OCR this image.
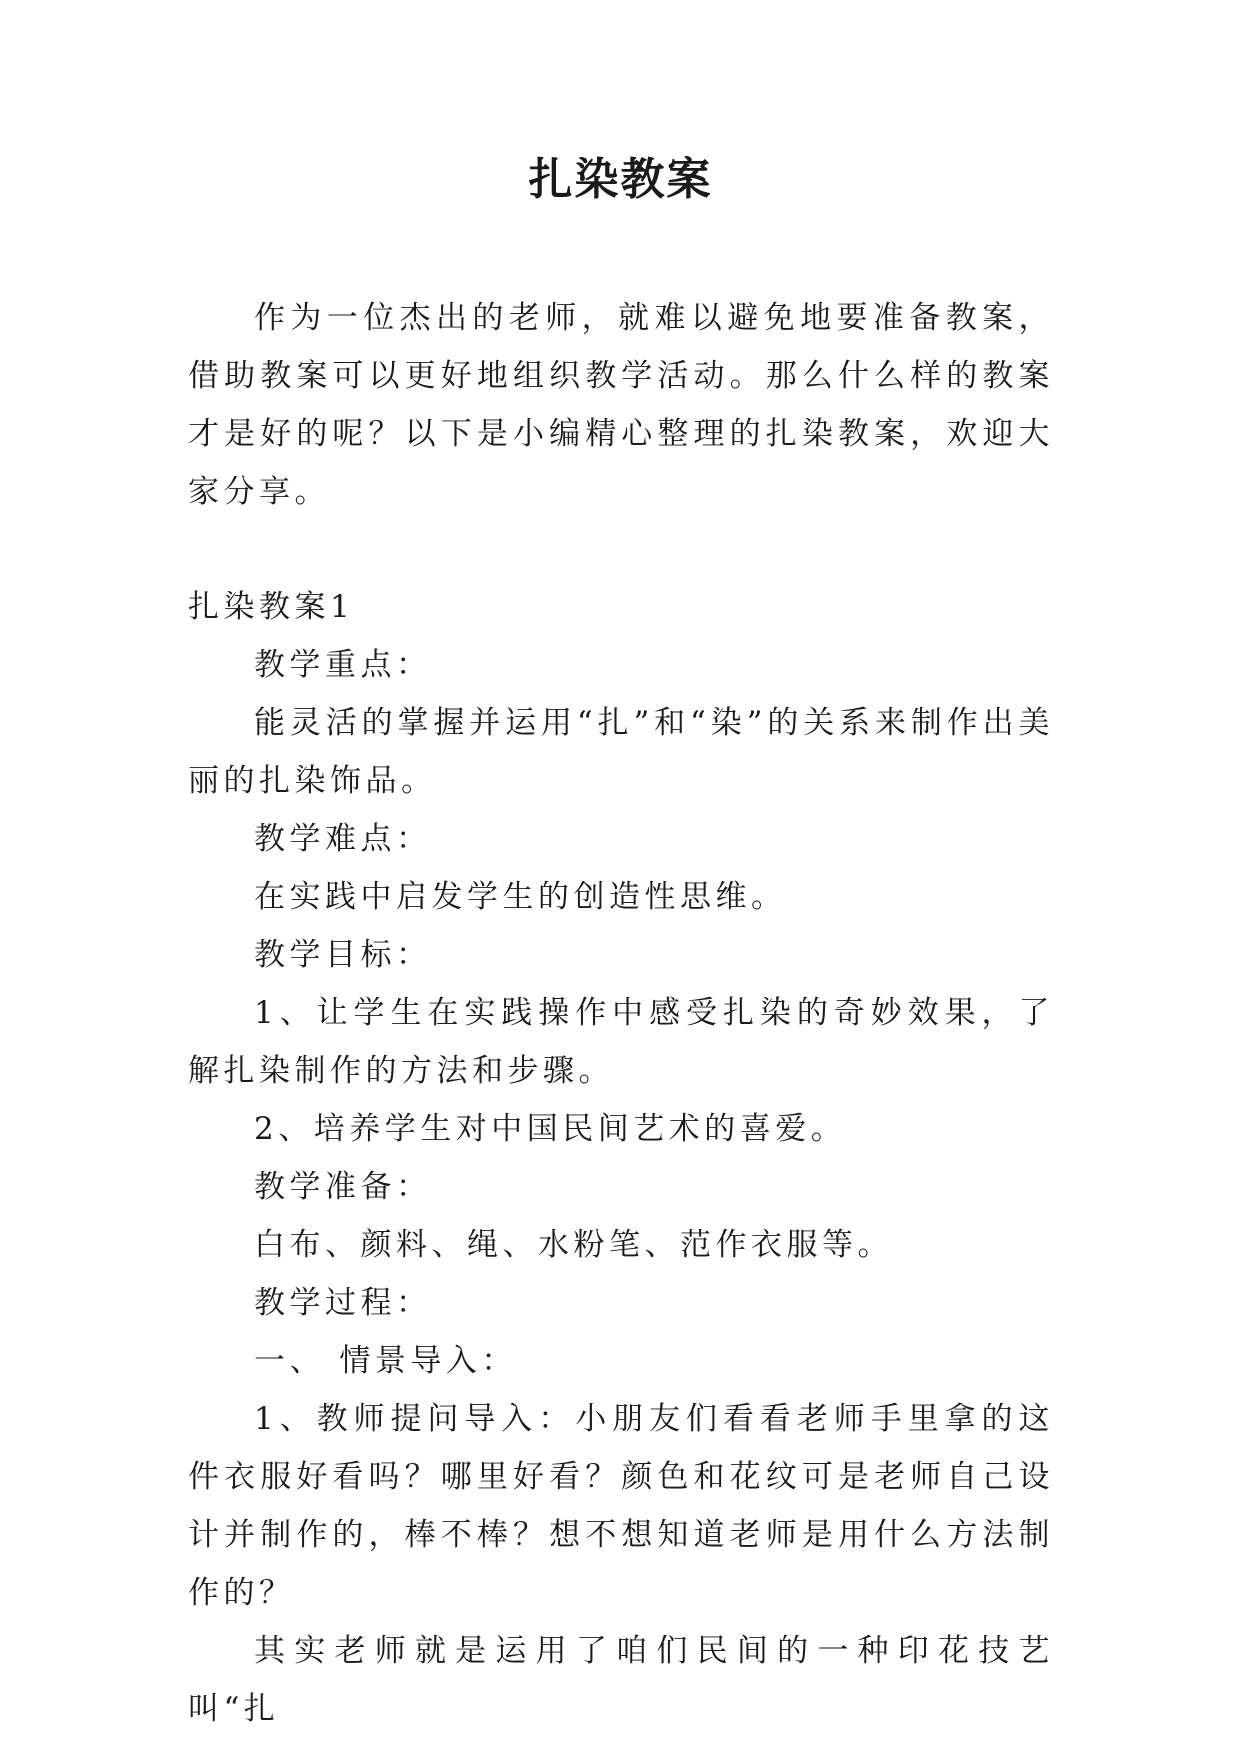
扎染教案

作为一位杰出的老师，就难以避免地要准备教案，借助教案可以更好地组织教学活动。那么什么样的教案才是好的呢？以下是小编精心整理的扎染教案，欢迎大家分享。

扎染教案1

教学重点：

能灵活的掌握并运用“扎”和“染”的关系来制作出美丽的扎染饰品。

教学难点：

在实践中启发学生的创造性思维。

教学目标：

1、让学生在实践操作中感受扎染的奇妙效果，了解扎染制作的方法和步骤。

2、培养学生对中国民间艺术的喜爱。

教学准备：

白布、颜料、绳、水粉笔、范作衣服等。

教学过程：

一、 情景导入：

1、教师提问导入：小朋友们看看老师手里拿的这件衣服好看吗？哪里好看？颜色和花纹可是老师自己设计并制作的，棒不棒？想不想知道老师是用什么方法制作的？

其实老师就是运用了咱们民间的一种印花技艺叫“扎
